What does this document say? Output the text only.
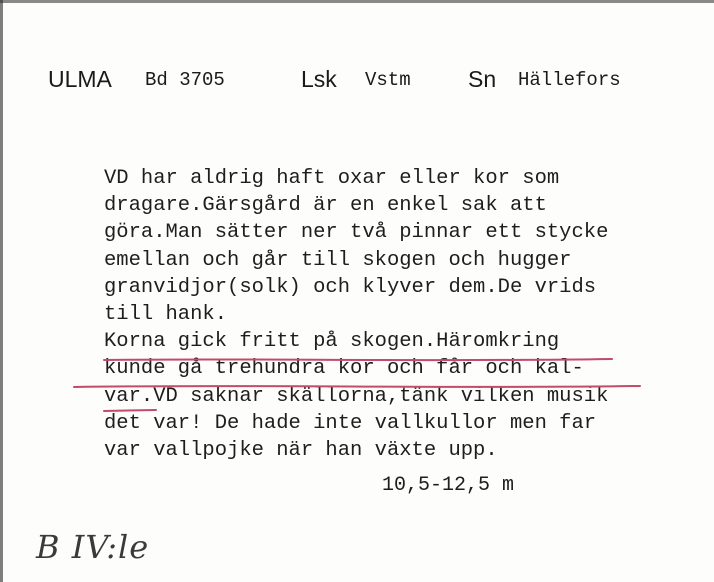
ULMA Bd 3705	Lsk Vstm Sn Hällefors
VD har aldrig haft oxar eller kor som
dragare.Gärsgård är en enkel sak att
göra.Man sätter ner två pinnar ett stycke
emellan och går till skogen och hugger
granvidjor(solk) och klyver dem.De vrids
till hank.
Korna gick fritt på skogen.Häromkring
kunde gå trehundra kor och får och kal-
var.VD saknar skällorna,tänk vilken musik
det var! De hade inte vallkullor men far
var vallpojke när han växte upp.
10,5-12,5 m
B IV:le
